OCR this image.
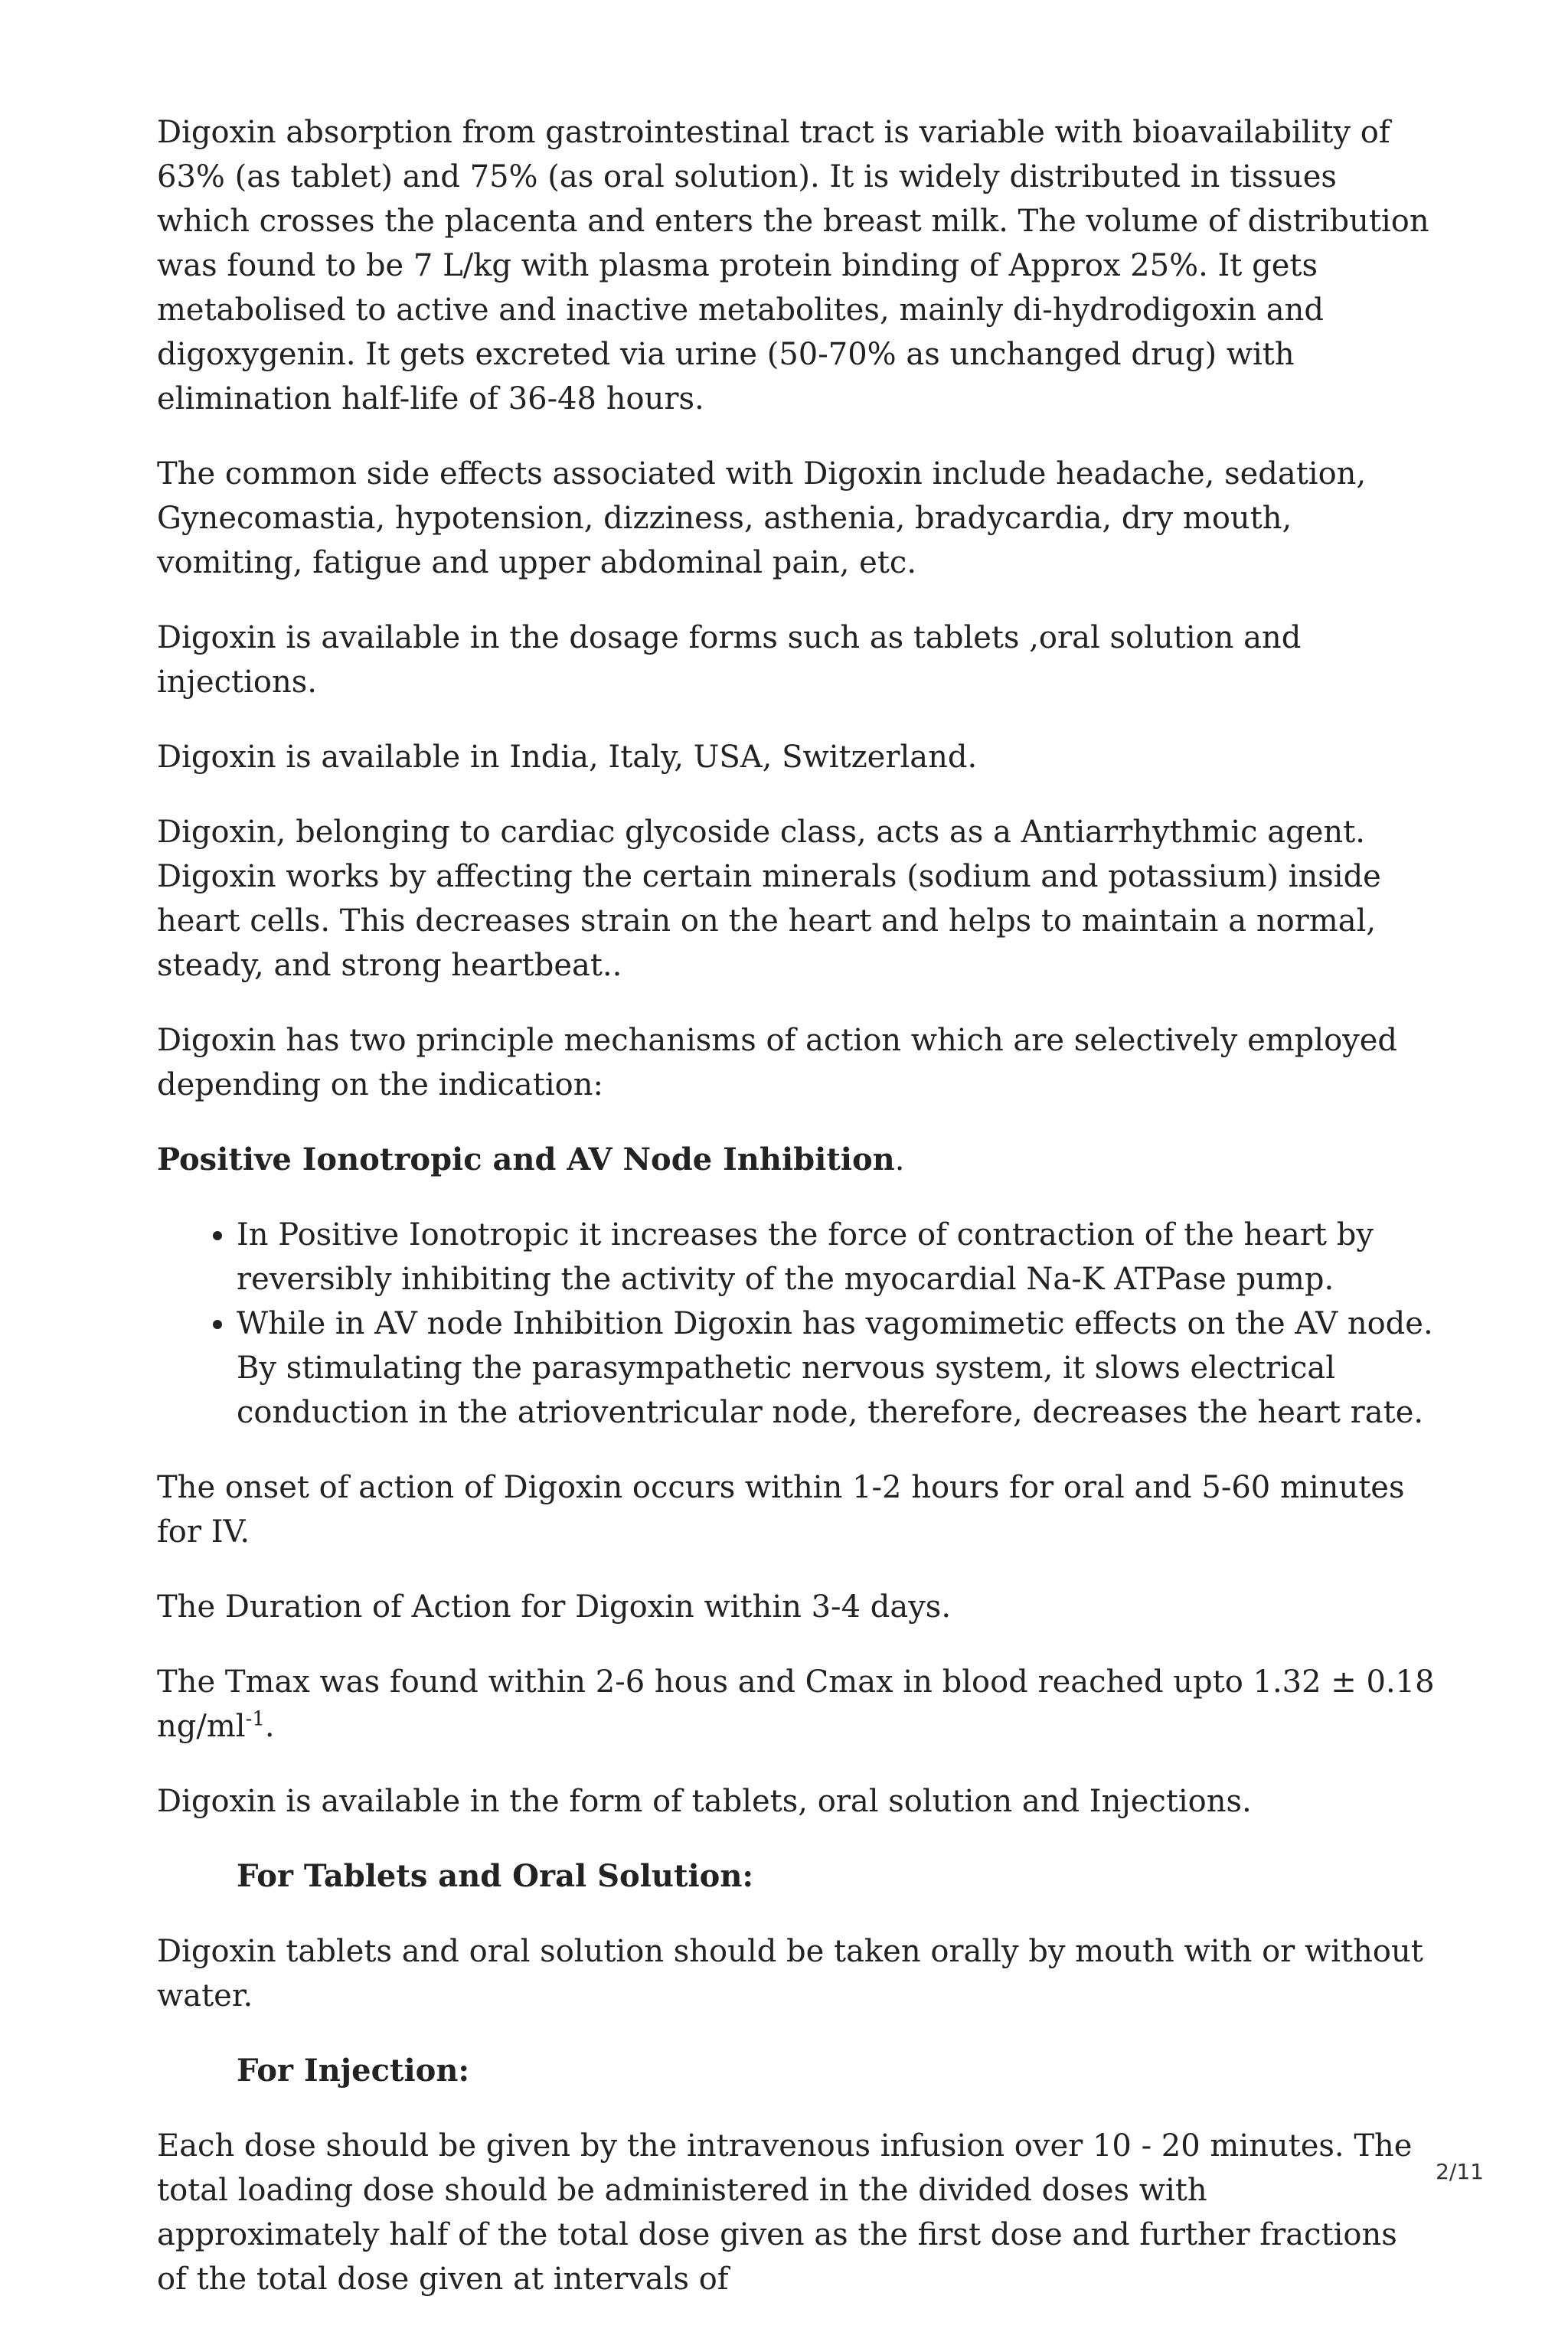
Digoxin absorption from gastrointestinal tract is variable with bioavailability of 63% (as tablet) and 75% (as oral solution). It is widely distributed in tissues which crosses the placenta and enters the breast milk. The volume of distribution was found to be 7 L/kg with plasma protein binding of Approx 25%. It gets metabolised to active and inactive metabolites, mainly di-hydrodigoxin and digoxygenin. It gets excreted via urine (50-70% as unchanged drug) with elimination half-life of 36-48 hours.

The common side effects associated with Digoxin include headache, sedation, Gynecomastia, hypotension, dizziness, asthenia, bradycardia, dry mouth, vomiting, fatigue and upper abdominal pain, etc.

Digoxin is available in the dosage forms such as tablets ,oral solution and injections.

Digoxin is available in India, Italy, USA, Switzerland.

Digoxin, belonging to cardiac glycoside class, acts as a Antiarrhythmic agent. Digoxin works by affecting the certain minerals (sodium and potassium) inside heart cells. This decreases strain on the heart and helps to maintain a normal, steady, and strong heartbeat..

Digoxin has two principle mechanisms of action which are selectively employed depending on the indication:

Positive Ionotropic and AV Node Inhibition.
• In Positive Ionotropic it increases the force of contraction of the heart by reversibly inhibiting the activity of the myocardial Na-K ATPase pump.
• While in AV node Inhibition Digoxin has vagomimetic effects on the AV node. By stimulating the parasympathetic nervous system, it slows electrical conduction in the atrioventricular node, therefore, decreases the heart rate.

The onset of action of Digoxin occurs within 1-2 hours for oral and 5-60 minutes for IV.

The Duration of Action for Digoxin within 3-4 days.

The Tmax was found within 2-6 hous and Cmax in blood reached upto 1.32 ± 0.18 $ng/ml^{-1}$.

Digoxin is available in the form of tablets, oral solution and Injections.

For Tablets and Oral Solution:

Digoxin tablets and oral solution should be taken orally by mouth with or without water.

For Injection:

Each dose should be given by the intravenous infusion over 10 - 20 minutes. The total loading dose should be administered in the divided doses with approximately half of the total dose given as the first dose and further fractions of the total dose given at intervals of

2/11
